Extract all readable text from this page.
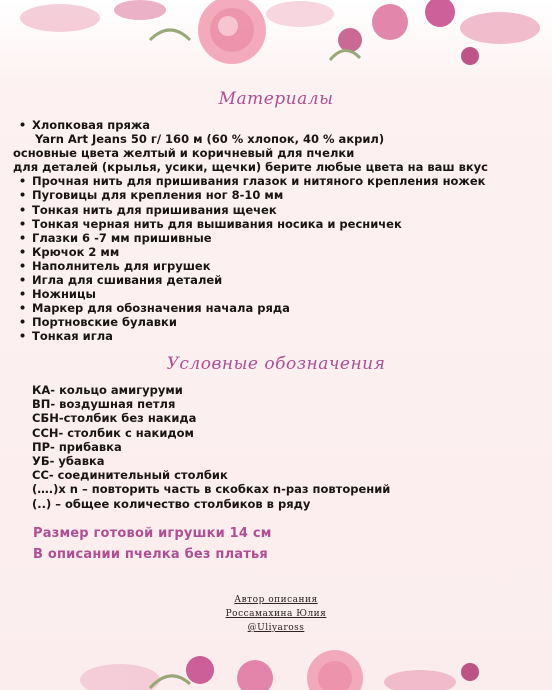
Материалы
• Хлопковая пряжа
Yarn Art Jeans 50 г/ 160 м (60 % хлопок, 40 % акрил)
основные цвета желтый и коричневый для пчелки
для деталей (крылья, усики, щечки) берите любые цвета на ваш вкус
• Прочная нить для пришивания глазок и нитяного крепления ножек
• Пуговицы для крепления ног 8-10 мм
• Тонкая нить для пришивания щечек
• Тонкая черная нить для вышивания носика и ресничек
• Глазки 6 -7 мм пришивные
• Крючок 2 мм
• Наполнитель для игрушек
• Игла для сшивания деталей
• Ножницы
• Маркер для обозначения начала ряда
• Портновские булавки
• Тонкая игла
Условные обозначения
КА- кольцо амигуруми
ВП- воздушная петля
СБН-столбик без накида
ССН- столбик с накидом
ПР- прибавка
УБ- убавка
СС- соединительный столбик
(….)x n – повторить часть в скобках n-раз повторений
(..) – общее количество столбиков в ряду
Размер готовой игрушки 14 см
В описании пчелка без платья
Автор описания
Россамахина Юлия
@Uliyaross
